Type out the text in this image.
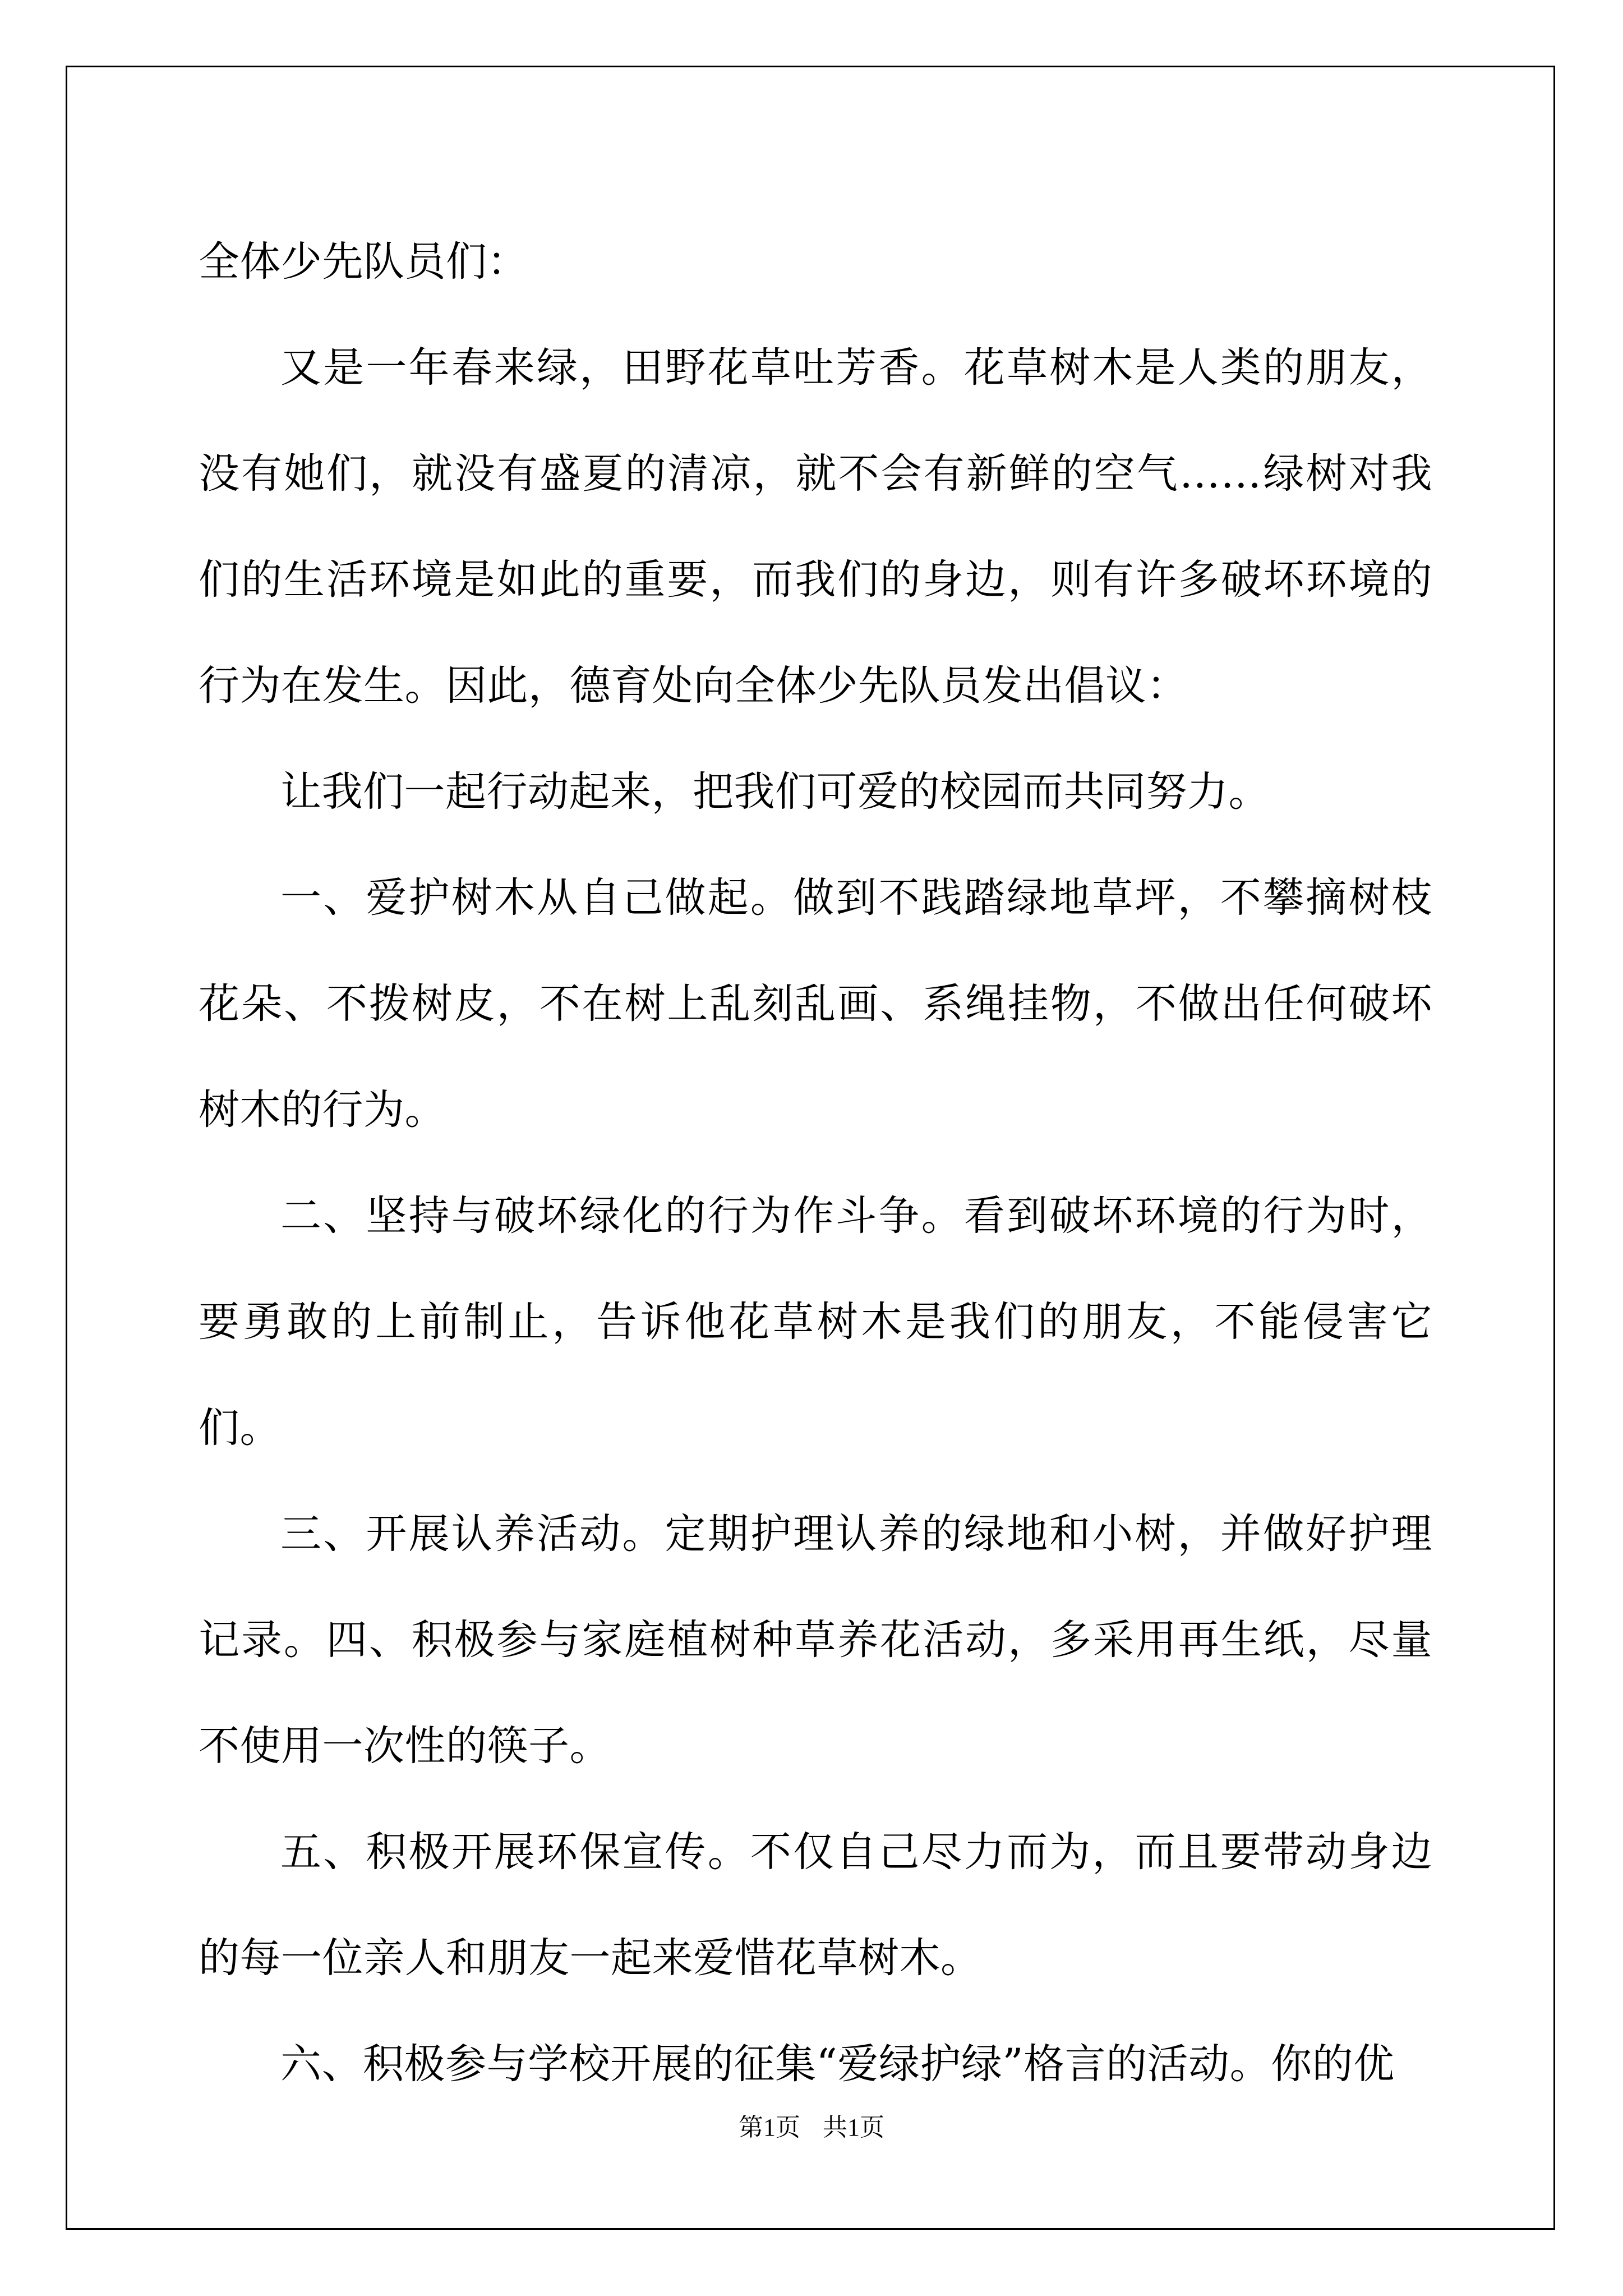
全体少先队员们：

又是一年春来绿，田野花草吐芳香。花草树木是人类的朋友，没有她们，就没有盛夏的清凉，就不会有新鲜的空气……绿树对我们的生活环境是如此的重要，而我们的身边，则有许多破坏环境的行为在发生。因此，德育处向全体少先队员发出倡议：

让我们一起行动起来，把我们可爱的校园而共同努力。

一、爱护树木从自己做起。做到不践踏绿地草坪，不攀摘树枝花朵、不拨树皮，不在树上乱刻乱画、系绳挂物，不做出任何破坏树木的行为。

二、坚持与破坏绿化的行为作斗争。看到破坏环境的行为时，要勇敢的上前制止，告诉他花草树木是我们的朋友，不能侵害它们。

三、开展认养活动。定期护理认养的绿地和小树，并做好护理记录。四、积极参与家庭植树种草养花活动，多采用再生纸，尽量不使用一次性的筷子。

五、积极开展环保宣传。不仅自己尽力而为，而且要带动身边的每一位亲人和朋友一起来爱惜花草树木。

六、积极参与学校开展的征集“爱绿护绿”格言的活动。你的优

第1页 共1页
